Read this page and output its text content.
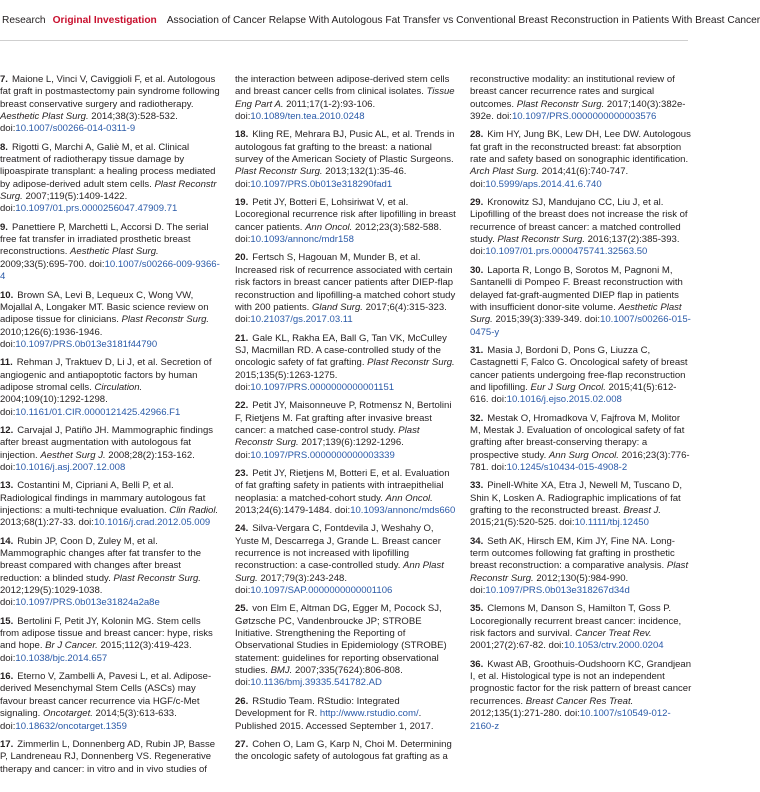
Research Original Investigation Association of Cancer Relapse With Autologous Fat Transfer vs Conventional Breast Reconstruction in Patients With Breast Cancer

7. Maione L, Vinci V, Caviggioli F, et al. Autologous fat graft in postmastectomy pain syndrome following breast conservative surgery and radiotherapy. Aesthetic Plast Surg. 2014;38(3):528-532. doi:10.1007/s00266-014-0311-9

8. Rigotti G, Marchi A, Galiè M, et al. Clinical treatment of radiotherapy tissue damage by lipoaspirate transplant: a healing process mediated by adipose-derived adult stem cells. Plast Reconstr Surg. 2007;119(5):1409-1422. doi:10.1097/01.prs.0000256047.47909.71

9. Panettiere P, Marchetti L, Accorsi D. The serial free fat transfer in irradiated prosthetic breast reconstructions. Aesthetic Plast Surg. 2009;33(5):695-700. doi:10.1007/s00266-009-9366-4

10. Brown SA, Levi B, Lequeux C, Wong VW, Mojallal A, Longaker MT. Basic science review on adipose tissue for clinicians. Plast Reconstr Surg. 2010;126(6):1936-1946. doi:10.1097/PRS.0b013e3181f44790

11. Rehman J, Traktuev D, Li J, et al. Secretion of angiogenic and antiapoptotic factors by human adipose stromal cells. Circulation. 2004;109(10):1292-1298. doi:10.1161/01.CIR.0000121425.42966.F1

12. Carvajal J, Patiño JH. Mammographic findings after breast augmentation with autologous fat injection. Aesthet Surg J. 2008;28(2):153-162. doi:10.1016/j.asj.2007.12.008

13. Costantini M, Cipriani A, Belli P, et al. Radiological findings in mammary autologous fat injections: a multi-technique evaluation. Clin Radiol. 2013;68(1):27-33. doi:10.1016/j.crad.2012.05.009

14. Rubin JP, Coon D, Zuley M, et al. Mammographic changes after fat transfer to the breast compared with changes after breast reduction: a blinded study. Plast Reconstr Surg. 2012;129(5):1029-1038. doi:10.1097/PRS.0b013e31824a2a8e

15. Bertolini F, Petit JY, Kolonin MG. Stem cells from adipose tissue and breast cancer: hype, risks and hope. Br J Cancer. 2015;112(3):419-423. doi:10.1038/bjc.2014.657

16. Eterno V, Zambelli A, Pavesi L, et al. Adipose-derived Mesenchymal Stem Cells (ASCs) may favour breast cancer recurrence via HGF/c-Met signaling. Oncotarget. 2014;5(3):613-633. doi:10.18632/oncotarget.1359

17. Zimmerlin L, Donnenberg AD, Rubin JP, Basse P, Landreneau RJ, Donnenberg VS. Regenerative therapy and cancer: in vitro and in vivo studies of

the interaction between adipose-derived stem cells and breast cancer cells from clinical isolates. Tissue Eng Part A. 2011;17(1-2):93-106. doi:10.1089/ten.tea.2010.0248

18. Kling RE, Mehrara BJ, Pusic AL, et al. Trends in autologous fat grafting to the breast: a national survey of the American Society of Plastic Surgeons. Plast Reconstr Surg. 2013;132(1):35-46. doi:10.1097/PRS.0b013e318290fad1

19. Petit JY, Botteri E, Lohsiriwat V, et al. Locoregional recurrence risk after lipofilling in breast cancer patients. Ann Oncol. 2012;23(3):582-588. doi:10.1093/annonc/mdr158

20. Fertsch S, Hagouan M, Munder B, et al. Increased risk of recurrence associated with certain risk factors in breast cancer patients after DIEP-flap reconstruction and lipofilling-a matched cohort study with 200 patients. Gland Surg. 2017;6(4):315-323. doi:10.21037/gs.2017.03.11

21. Gale KL, Rakha EA, Ball G, Tan VK, McCulley SJ, Macmillan RD. A case-controlled study of the oncologic safety of fat grafting. Plast Reconstr Surg. 2015;135(5):1263-1275. doi:10.1097/PRS.0000000000001151

22. Petit JY, Maisonneuve P, Rotmensz N, Bertolini F, Rietjens M. Fat grafting after invasive breast cancer: a matched case-control study. Plast Reconstr Surg. 2017;139(6):1292-1296. doi:10.1097/PRS.0000000000003339

23. Petit JY, Rietjens M, Botteri E, et al. Evaluation of fat grafting safety in patients with intraepithelial neoplasia: a matched-cohort study. Ann Oncol. 2013;24(6):1479-1484. doi:10.1093/annonc/mds660

24. Silva-Vergara C, Fontdevila J, Weshahy O, Yuste M, Descarrega J, Grande L. Breast cancer recurrence is not increased with lipofilling reconstruction: a case-controlled study. Ann Plast Surg. 2017;79(3):243-248. doi:10.1097/SAP.0000000000001106

25. von Elm E, Altman DG, Egger M, Pocock SJ, Gøtzsche PC, Vandenbroucke JP; STROBE Initiative. Strengthening the Reporting of Observational Studies in Epidemiology (STROBE) statement: guidelines for reporting observational studies. BMJ. 2007;335(7624):806-808. doi:10.1136/bmj.39335.541782.AD

26. RStudio Team. RStudio: Integrated Development for R. http://www.rstudio.com/. Published 2015. Accessed September 1, 2017.

27. Cohen O, Lam G, Karp N, Choi M. Determining the oncologic safety of autologous fat grafting as a

reconstructive modality: an institutional review of breast cancer recurrence rates and surgical outcomes. Plast Reconstr Surg. 2017;140(3):382e-392e. doi:10.1097/PRS.0000000000003576

28. Kim HY, Jung BK, Lew DH, Lee DW. Autologous fat graft in the reconstructed breast: fat absorption rate and safety based on sonographic identification. Arch Plast Surg. 2014;41(6):740-747. doi:10.5999/aps.2014.41.6.740

29. Kronowitz SJ, Mandujano CC, Liu J, et al. Lipofilling of the breast does not increase the risk of recurrence of breast cancer: a matched controlled study. Plast Reconstr Surg. 2016;137(2):385-393. doi:10.1097/01.prs.0000475741.32563.50

30. Laporta R, Longo B, Sorotos M, Pagnoni M, Santanelli di Pompeo F. Breast reconstruction with delayed fat-graft-augmented DIEP flap in patients with insufficient donor-site volume. Aesthetic Plast Surg. 2015;39(3):339-349. doi:10.1007/s00266-015-0475-y

31. Masia J, Bordoni D, Pons G, Liuzza C, Castagnetti F, Falco G. Oncological safety of breast cancer patients undergoing free-flap reconstruction and lipofilling. Eur J Surg Oncol. 2015;41(5):612-616. doi:10.1016/j.ejso.2015.02.008

32. Mestak O, Hromadkova V, Fajfrova M, Molitor M, Mestak J. Evaluation of oncological safety of fat grafting after breast-conserving therapy: a prospective study. Ann Surg Oncol. 2016;23(3):776-781. doi:10.1245/s10434-015-4908-2

33. Pinell-White XA, Etra J, Newell M, Tuscano D, Shin K, Losken A. Radiographic implications of fat grafting to the reconstructed breast. Breast J. 2015;21(5):520-525. doi:10.1111/tbj.12450

34. Seth AK, Hirsch EM, Kim JY, Fine NA. Long-term outcomes following fat grafting in prosthetic breast reconstruction: a comparative analysis. Plast Reconstr Surg. 2012;130(5):984-990. doi:10.1097/PRS.0b013e318267d34d

35. Clemons M, Danson S, Hamilton T, Goss P. Locoregionally recurrent breast cancer: incidence, risk factors and survival. Cancer Treat Rev. 2001;27(2):67-82. doi:10.1053/ctrv.2000.0204

36. Kwast AB, Groothuis-Oudshoorn KC, Grandjean I, et al. Histological type is not an independent prognostic factor for the risk pattern of breast cancer recurrences. Breast Cancer Res Treat. 2012;135(1):271-280. doi:10.1007/s10549-012-2160-z
